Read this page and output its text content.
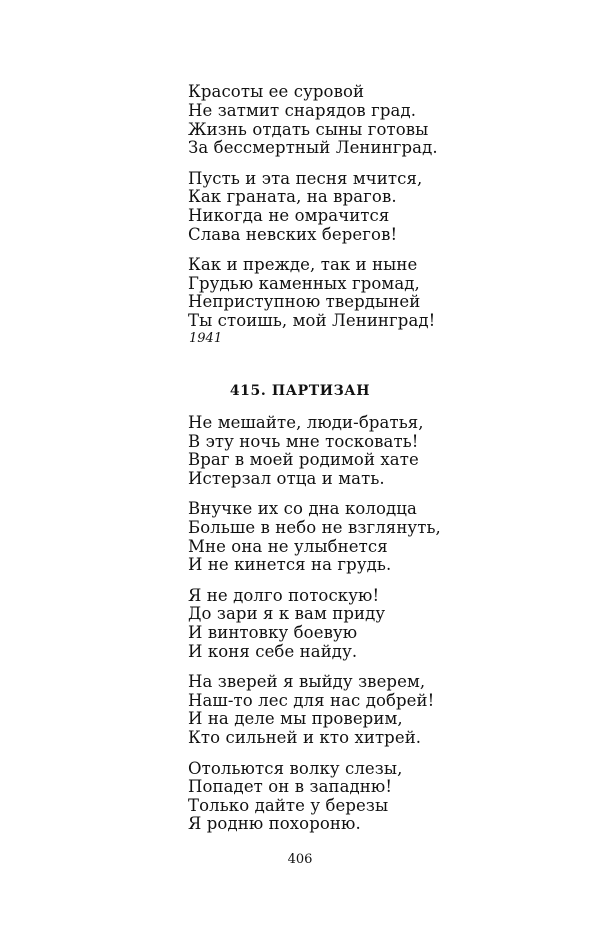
Красоты ее суровой
Не затмит снарядов град.
Жизнь отдать сыны готовы
За бессмертный Ленинград.
Пусть и эта песня мчится,
Как граната, на врагов.
Никогда не омрачится
Слава невских берегов!
Как и прежде, так и ныне
Грудью каменных громад,
Неприступною твердыней
Ты стоишь, мой Ленинград!
1941
415. ПАРТИЗАН
Не мешайте, люди-братья,
В эту ночь мне тосковать!
Враг в моей родимой хате
Истерзал отца и мать.
Внучке их со дна колодца
Больше в небо не взглянуть,
Мне она не улыбнется
И не кинется на грудь.
Я не долго потоскую!
До зари я к вам приду
И винтовку боевую
И коня себе найду.
На зверей я выйду зверем,
Наш-то лес для нас добрей!
И на деле мы проверим,
Кто сильней и кто хитрей.
Отольются волку слезы,
Попадет он в западню!
Только дайте у березы
Я родню похороню.
406
